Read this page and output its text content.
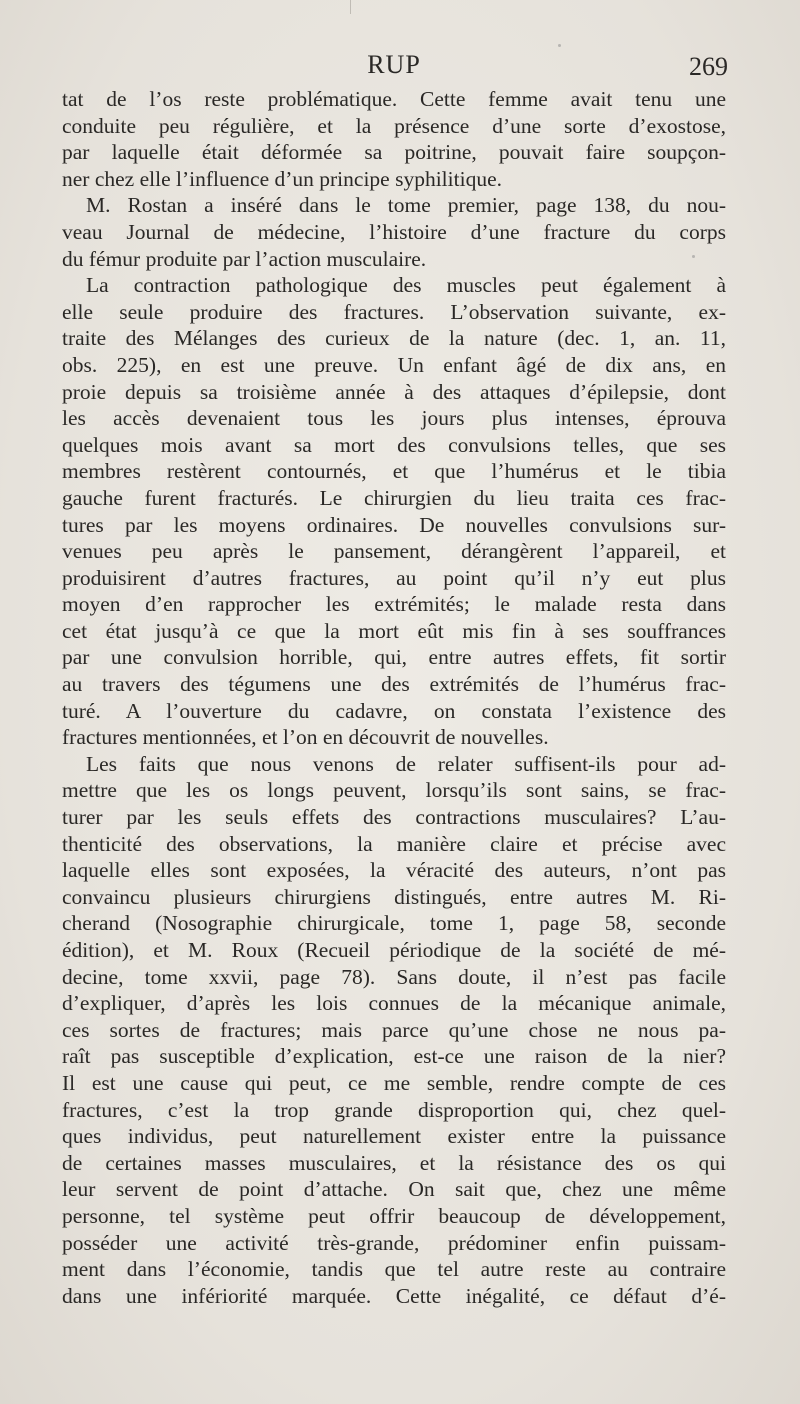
RUP	269
tat de l’os reste problématique. Cette femme avait tenu une
conduite peu régulière, et la présence d’une sorte d’exostose,
par laquelle était déformée sa poitrine, pouvait faire soupçon-
ner chez elle l’influence d’un principe syphilitique.
M. Rostan a inséré dans le tome premier, page 138, du nou-
veau Journal de médecine, l’histoire d’une fracture du corps
du fémur produite par l’action musculaire.
La contraction pathologique des muscles peut également à
elle seule produire des fractures. L’observation suivante, ex-
traite des Mélanges des curieux de la nature (dec. 1, an. 11,
obs. 225), en est une preuve. Un enfant âgé de dix ans, en
proie depuis sa troisième année à des attaques d’épilepsie, dont
les accès devenaient tous les jours plus intenses, éprouva
quelques mois avant sa mort des convulsions telles, que ses
membres restèrent contournés, et que l’humérus et le tibia
gauche furent fracturés. Le chirurgien du lieu traita ces frac-
tures par les moyens ordinaires. De nouvelles convulsions sur-
venues peu après le pansement, dérangèrent l’appareil, et
produisirent d’autres fractures, au point qu’il n’y eut plus
moyen d’en rapprocher les extrémités; le malade resta dans
cet état jusqu’à ce que la mort eût mis fin à ses souffrances
par une convulsion horrible, qui, entre autres effets, fit sortir
au travers des tégumens une des extrémités de l’humérus frac-
turé. A l’ouverture du cadavre, on constata l’existence des
fractures mentionnées, et l’on en découvrit de nouvelles.
Les faits que nous venons de relater suffisent-ils pour ad-
mettre que les os longs peuvent, lorsqu’ils sont sains, se frac-
turer par les seuls effets des contractions musculaires? L’au-
thenticité des observations, la manière claire et précise avec
laquelle elles sont exposées, la véracité des auteurs, n’ont pas
convaincu plusieurs chirurgiens distingués, entre autres M. Ri-
cherand (Nosographie chirurgicale, tome 1, page 58, seconde
édition), et M. Roux (Recueil périodique de la société de mé-
decine, tome xxvii, page 78). Sans doute, il n’est pas facile
d’expliquer, d’après les lois connues de la mécanique animale,
ces sortes de fractures; mais parce qu’une chose ne nous pa-
raît pas susceptible d’explication, est-ce une raison de la nier?
Il est une cause qui peut, ce me semble, rendre compte de ces
fractures, c’est la trop grande disproportion qui, chez quel-
ques individus, peut naturellement exister entre la puissance
de certaines masses musculaires, et la résistance des os qui
leur servent de point d’attache. On sait que, chez une même
personne, tel système peut offrir beaucoup de développement,
posséder une activité très-grande, prédominer enfin puissam-
ment dans l’économie, tandis que tel autre reste au contraire
dans une infériorité marquée. Cette inégalité, ce défaut d’é-
